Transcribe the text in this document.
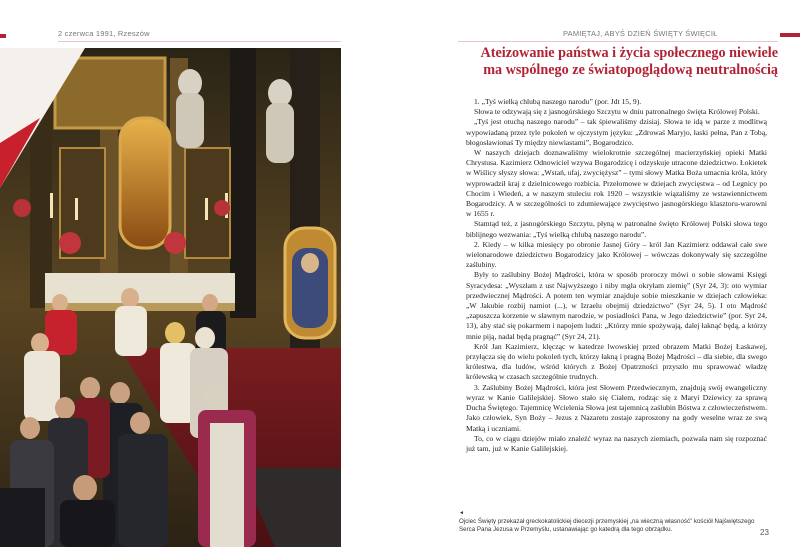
2 czerwca 1991, Rzeszów	PAMIĘTAJ, ABYŚ DZIEŃ ŚWIĘTY ŚWIĘCIŁ
Ateizowanie państwa i życia społecznego niewiele ma wspólnego ze światopoglądową neutralnością

1. „Tyś wielką chlubą naszego narodu” (por. Jdt 15, 9).

Słowa te odzywają się z jasnogórskiego Szczytu w dniu patronalnego święta Królowej Polski.

„Tyś jest otuchą naszego narodu” – tak śpiewaliśmy dzisiaj. Słowa te idą w parze z modlitwą wypowiadaną przez tyle pokoleń w ojczystym języku: „Zdrowaś Maryjo, łaski pełna, Pan z Tobą, błogosławionaś Ty między niewiastami”, Bogarodzico.

W naszych dziejach doznawaliśmy wielokrotnie szczególnej macierzyńskiej opieki Matki Chrystusa. Kazimierz Odnowiciel wzywa Bogarodzicę i odzyskuje utracone dziedzictwo. Łokietek w Wiślicy słyszy słowa: „Wstań, ufaj, zwyciężysz” – tymi słowy Matka Boża umacnia króla, który wyprowadził kraj z dzielnicowego rozbicia. Przełomowe w dziejach zwycięstwa – od Legnicy po Chocim i Wiedeń, a w naszym stuleciu rok 1920 – wszystkie wiązaliśmy ze wstawiennictwem Bogarodzicy. A w szczególności to zdumiewające zwycięstwo jasnogórskiego klasztoru-warowni w 1655 r.

Stamtąd też, z jasnogórskiego Szczytu, płyną w patronalne święto Królowej Polski słowa tego biblijnego wezwania: „Tyś wielką chlubą naszego narodu”.

2. Kiedy – w kilka miesięcy po obronie Jasnej Góry – król Jan Kazimierz oddawał całe swe wielonarodowe dziedzictwo Bogarodzicy jako Królowej – wówczas dokonywały się szczególne zaślubiny.

Były to zaślubiny Bożej Mądrości, która w sposób proroczy mówi o sobie słowami Księgi Syracydesa: „Wyszłam z ust Najwyższego i niby mgła okryłam ziemię” (Syr 24, 3): oto wymiar przedwiecznej Mądrości. A potem ten wymiar znajduje sobie mieszkanie w dziejach człowieka: „W Jakubie rozbij namiot (...), w Izraelu obejmij dziedzictwo” (Syr 24, 5). I oto Mądrość „zapuszcza korzenie w sławnym narodzie, w posiadłości Pana, w Jego dziedzictwie” (por. Syr 24, 13), aby stać się pokarmem i napojem ludzi: „Którzy mnie spożywają, dalej łaknąć będą, a którzy mnie piją, nadal będą pragnąć” (Syr 24, 21).

Król Jan Kazimierz, klęcząc w katedrze lwowskiej przed obrazem Matki Bożej Łaskawej, przyłącza się do wielu pokoleń tych, którzy łakną i pragną Bożej Mądrości – dla siebie, dla swego królestwa, dla ludów, wśród których z Bożej Opatrzności przyszło mu sprawować władzę królewską w czasach szczególnie trudnych.

3. Zaślubiny Bożej Mądrości, która jest Słowem Przedwiecznym, znajdują swój ewangeliczny wyraz w Kanie Galilejskiej. Słowo stało się Ciałem, rodząc się z Maryi Dziewicy za sprawą Ducha Świętego. Tajemnicę Wcielenia Słowa jest tajemnicą zaślubin Bóstwa z człowieczeństwem. Jako człowiek, Syn Boży – Jezus z Nazaretu zostaje zaproszony na gody weselne wraz ze swą Matką i uczniami.

To, co w ciągu dziejów miało znaleźć wyraz na naszych ziemiach, pozwala nam się rozpoznać już tam, już w Kanie Galilejskiej.

◄
Ojciec Święty przekazał greckokatolickiej diecezji przemyskiej „na wieczną własność” kościół Najświętszego Serca Pana Jezusa w Przemyślu, ustanawiając go katedrą dla tego obrządku.	23
